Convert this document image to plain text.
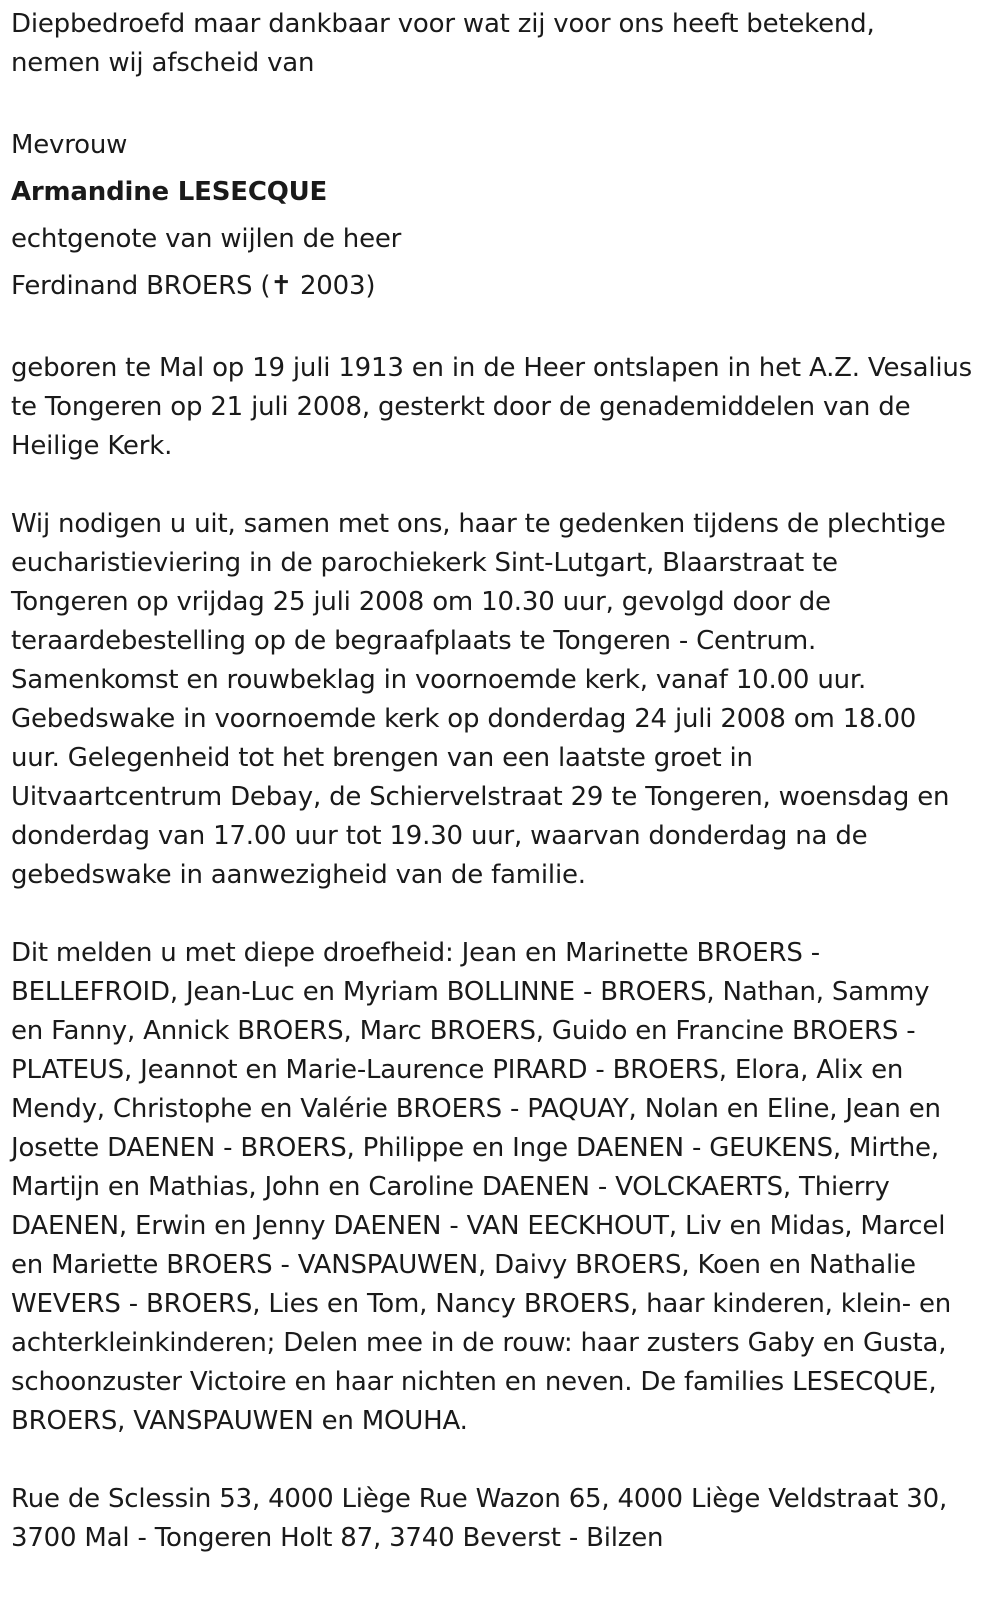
Diepbedroefd maar dankbaar voor wat zij voor ons heeft betekend,
nemen wij afscheid van

Mevrouw
Armandine LESECQUE
echtgenote van wijlen de heer
Ferdinand BROERS (✝ 2003)

geboren te Mal op 19 juli 1913 en in de Heer ontslapen in het A.Z. Vesalius
te Tongeren op 21 juli 2008, gesterkt door de genademiddelen van de
Heilige Kerk.

Wij nodigen u uit, samen met ons, haar te gedenken tijdens de plechtige
eucharistieviering in de parochiekerk Sint-Lutgart, Blaarstraat te
Tongeren op vrijdag 25 juli 2008 om 10.30 uur, gevolgd door de
teraardebestelling op de begraafplaats te Tongeren - Centrum.
Samenkomst en rouwbeklag in voornoemde kerk, vanaf 10.00 uur.
Gebedswake in voornoemde kerk op donderdag 24 juli 2008 om 18.00
uur. Gelegenheid tot het brengen van een laatste groet in
Uitvaartcentrum Debay, de Schiervelstraat 29 te Tongeren, woensdag en
donderdag van 17.00 uur tot 19.30 uur, waarvan donderdag na de
gebedswake in aanwezigheid van de familie.

Dit melden u met diepe droefheid: Jean en Marinette BROERS -
BELLEFROID, Jean-Luc en Myriam BOLLINNE - BROERS, Nathan, Sammy
en Fanny, Annick BROERS, Marc BROERS, Guido en Francine BROERS -
PLATEUS, Jeannot en Marie-Laurence PIRARD - BROERS, Elora, Alix en
Mendy, Christophe en Valérie BROERS - PAQUAY, Nolan en Eline, Jean en
Josette DAENEN - BROERS, Philippe en Inge DAENEN - GEUKENS, Mirthe,
Martijn en Mathias, John en Caroline DAENEN - VOLCKAERTS, Thierry
DAENEN, Erwin en Jenny DAENEN - VAN EECKHOUT, Liv en Midas, Marcel
en Mariette BROERS - VANSPAUWEN, Daivy BROERS, Koen en Nathalie
WEVERS - BROERS, Lies en Tom, Nancy BROERS, haar kinderen, klein- en
achterkleinkinderen; Delen mee in de rouw: haar zusters Gaby en Gusta,
schoonzuster Victoire en haar nichten en neven. De families LESECQUE,
BROERS, VANSPAUWEN en MOUHA.

Rue de Sclessin 53, 4000 Liège Rue Wazon 65, 4000 Liège Veldstraat 30,
3700 Mal - Tongeren Holt 87, 3740 Beverst - Bilzen
